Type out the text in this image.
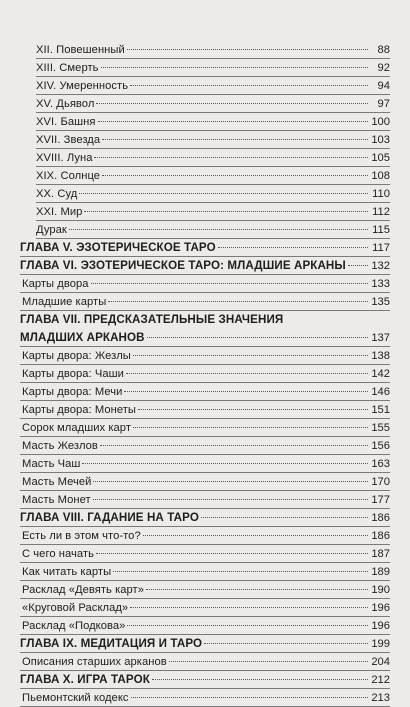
XII. Повешенный	88
XIII. Смерть	92
XIV. Умеренность	94
XV. Дьявол	97
XVI. Башня	100
XVII. Звезда	103
XVIII. Луна	105
XIX. Солнце	108
XX. Суд	110
XXI. Мир	112
Дурак	115
ГЛАВА V. ЭЗОТЕРИЧЕСКОЕ ТАРО	117
ГЛАВА VI. ЭЗОТЕРИЧЕСКОЕ ТАРО: МЛАДШИЕ АРКАНЫ 132
Карты двора	133
Младшие карты	135
ГЛАВА VII. ПРЕДСКАЗАТЕЛЬНЫЕ ЗНАЧЕНИЯ
МЛАДШИХ АРКАНОВ	137
Карты двора: Жезлы	138
Карты двора: Чаши	142
Карты двора: Мечи	146
Карты двора: Монеты	151
Сорок младших карт	155
Масть Жезлов	156
Масть Чаш	163
Масть Мечей	170
Масть Монет	177
ГЛАВА VIII. ГАДАНИЕ НА ТАРО	186
Есть ли в этом что-то?	186
С чего начать	187
Как читать карты	189
Расклад «Девять карт»	190
«Круговой Расклад»	196
Расклад «Подкова»	196
ГЛАВА IX. МЕДИТАЦИЯ И ТАРО	199
Описания старших арканов	204
ГЛАВА X. ИГРА ТАРОК	212
Пьемонтский кодекс	213
